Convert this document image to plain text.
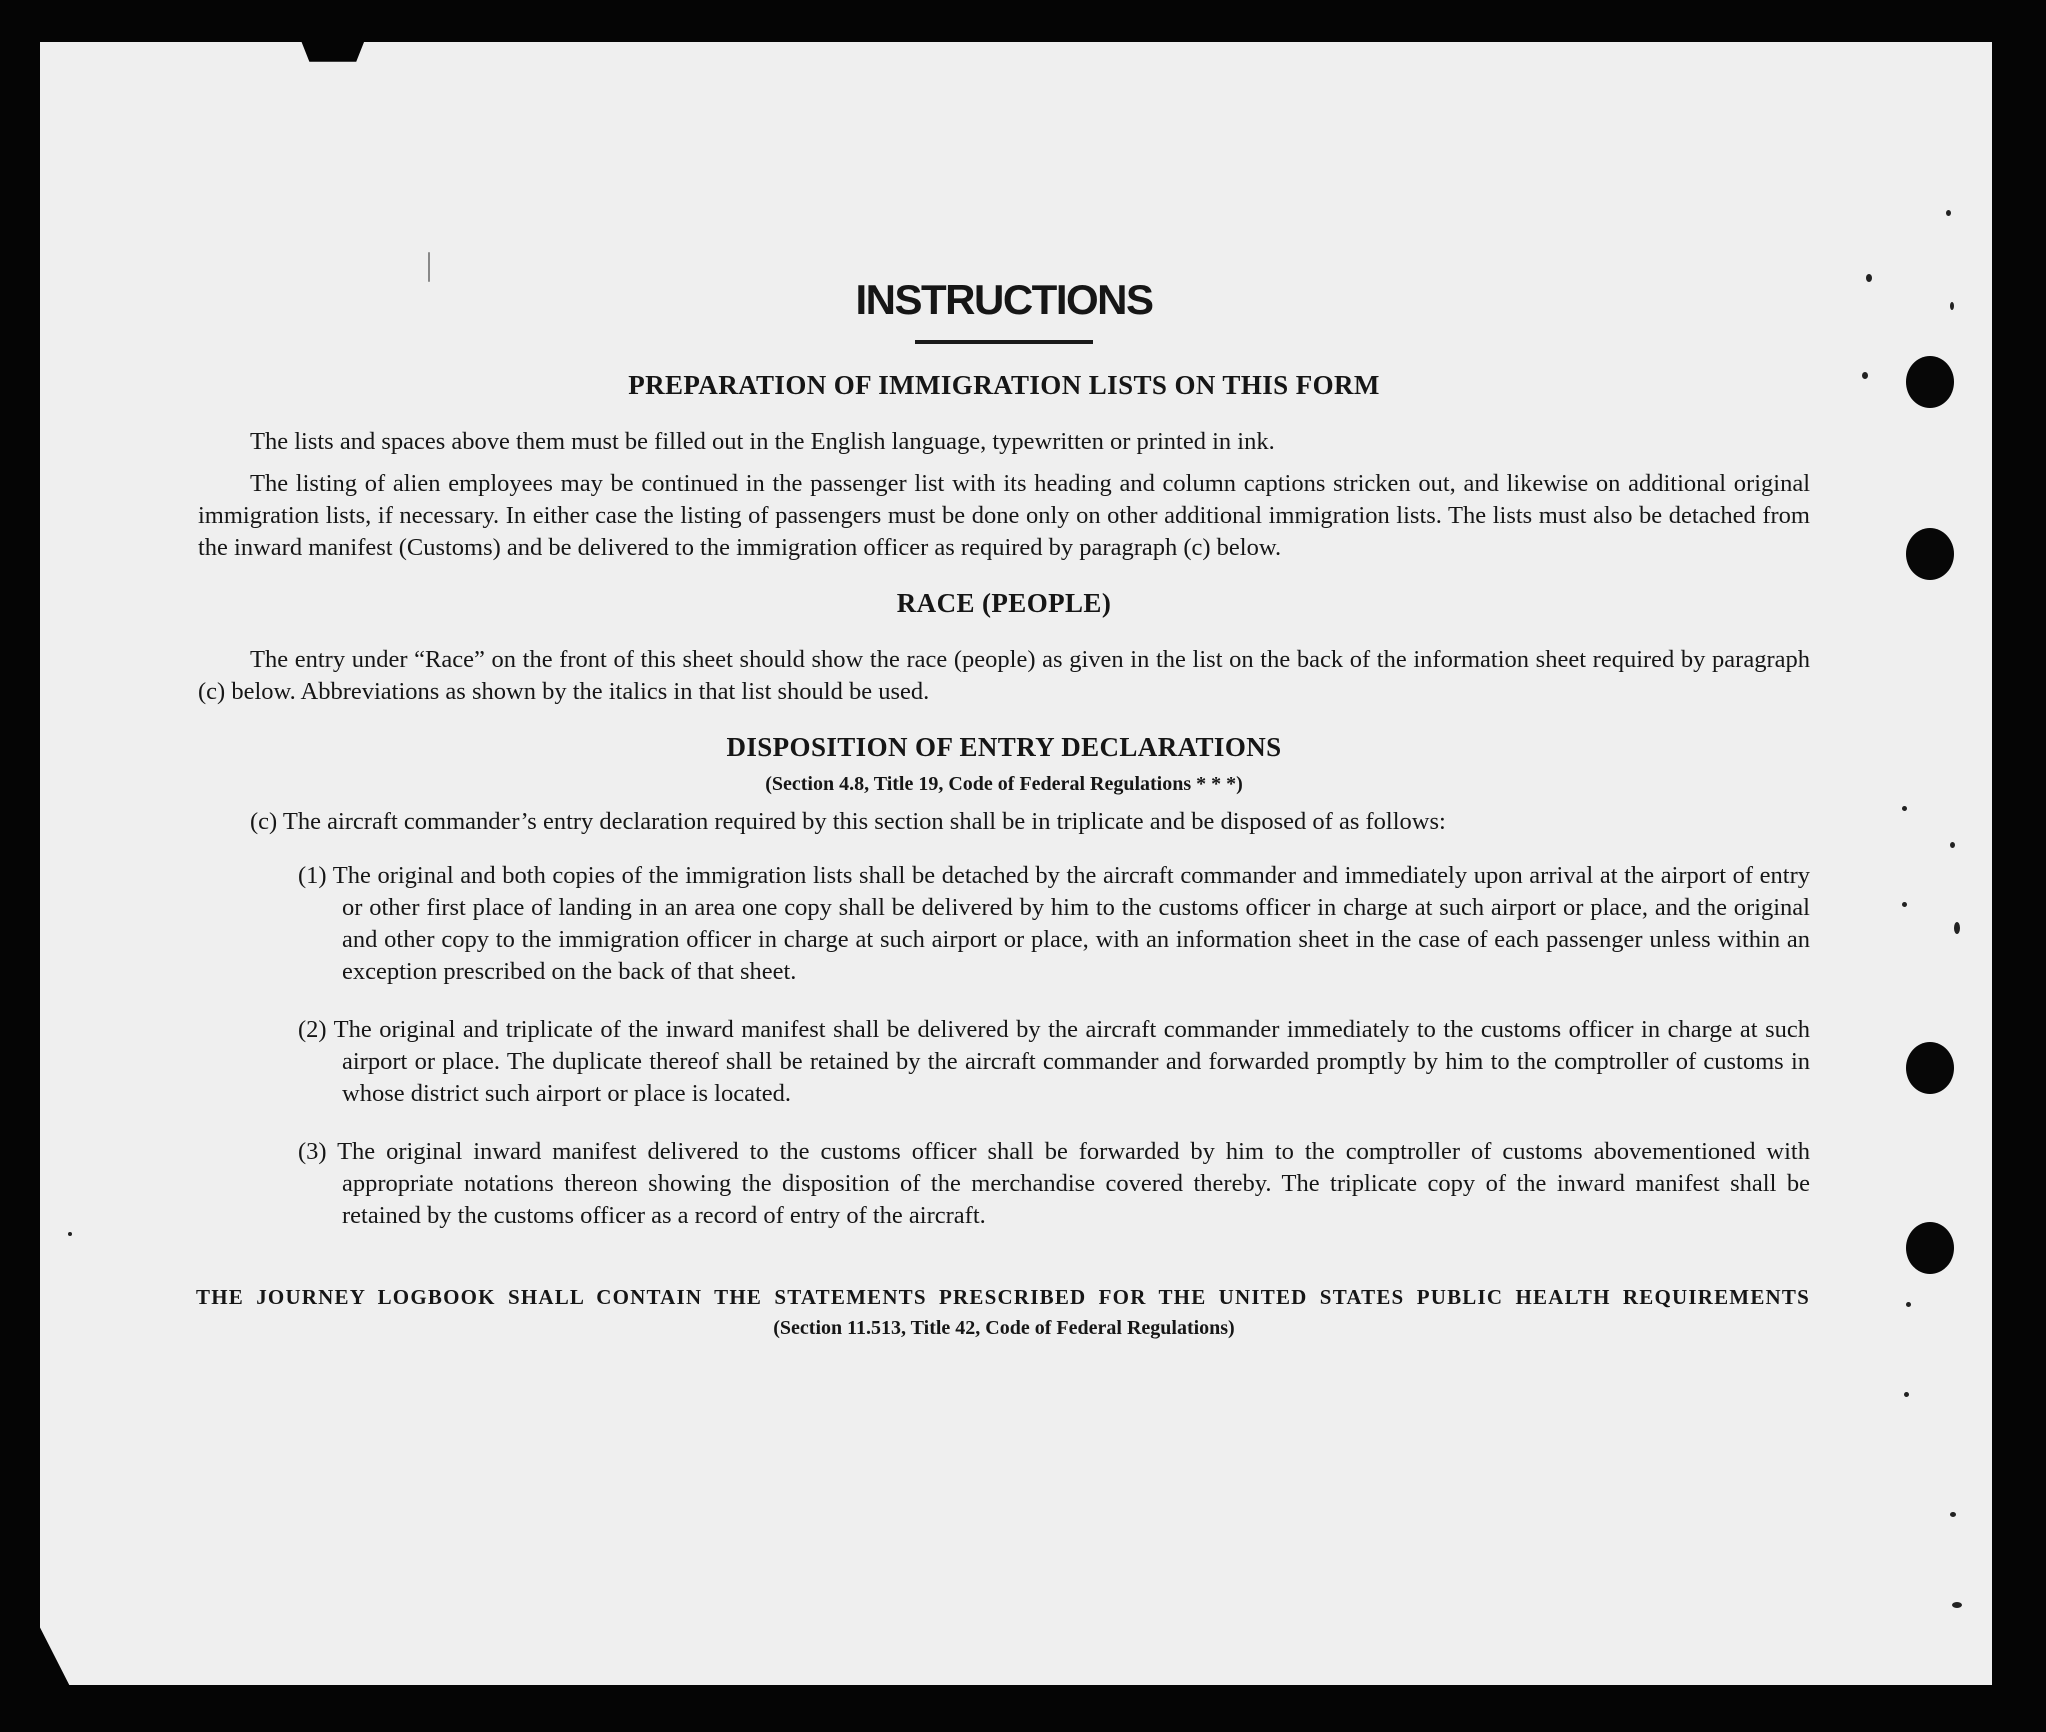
INSTRUCTIONS
PREPARATION OF IMMIGRATION LISTS ON THIS FORM

The lists and spaces above them must be filled out in the English language, typewritten or printed in ink.

The listing of alien employees may be continued in the passenger list with its heading and column captions stricken out, and likewise on additional original immigration lists, if necessary. In either case the listing of passengers must be done only on other additional immigration lists. The lists must also be detached from the inward manifest (Customs) and be delivered to the immigration officer as required by paragraph (c) below.

RACE (PEOPLE)

The entry under “Race” on the front of this sheet should show the race (people) as given in the list on the back of the information sheet required by paragraph (c) below. Abbreviations as shown by the italics in that list should be used.

DISPOSITION OF ENTRY DECLARATIONS

(Section 4.8, Title 19, Code of Federal Regulations * * *)

(c) The aircraft commander’s entry declaration required by this section shall be in triplicate and be disposed of as follows:

(1) The original and both copies of the immigration lists shall be detached by the aircraft commander and immediately upon arrival at the airport of entry or other first place of landing in an area one copy shall be delivered by him to the customs officer in charge at such airport or place, and the original and other copy to the immigration officer in charge at such airport or place, with an information sheet in the case of each passenger unless within an exception prescribed on the back of that sheet.

(2) The original and triplicate of the inward manifest shall be delivered by the aircraft commander immediately to the customs officer in charge at such airport or place. The duplicate thereof shall be retained by the aircraft commander and forwarded promptly by him to the comptroller of customs in whose district such airport or place is located.

(3) The original inward manifest delivered to the customs officer shall be forwarded by him to the comptroller of customs abovementioned with appropriate notations thereon showing the disposition of the merchandise covered thereby. The triplicate copy of the inward manifest shall be retained by the customs officer as a record of entry of the aircraft.

THE JOURNEY LOGBOOK SHALL CONTAIN THE STATEMENTS PRESCRIBED FOR THE UNITED STATES PUBLIC HEALTH REQUIREMENTS

(Section 11.513, Title 42, Code of Federal Regulations)
